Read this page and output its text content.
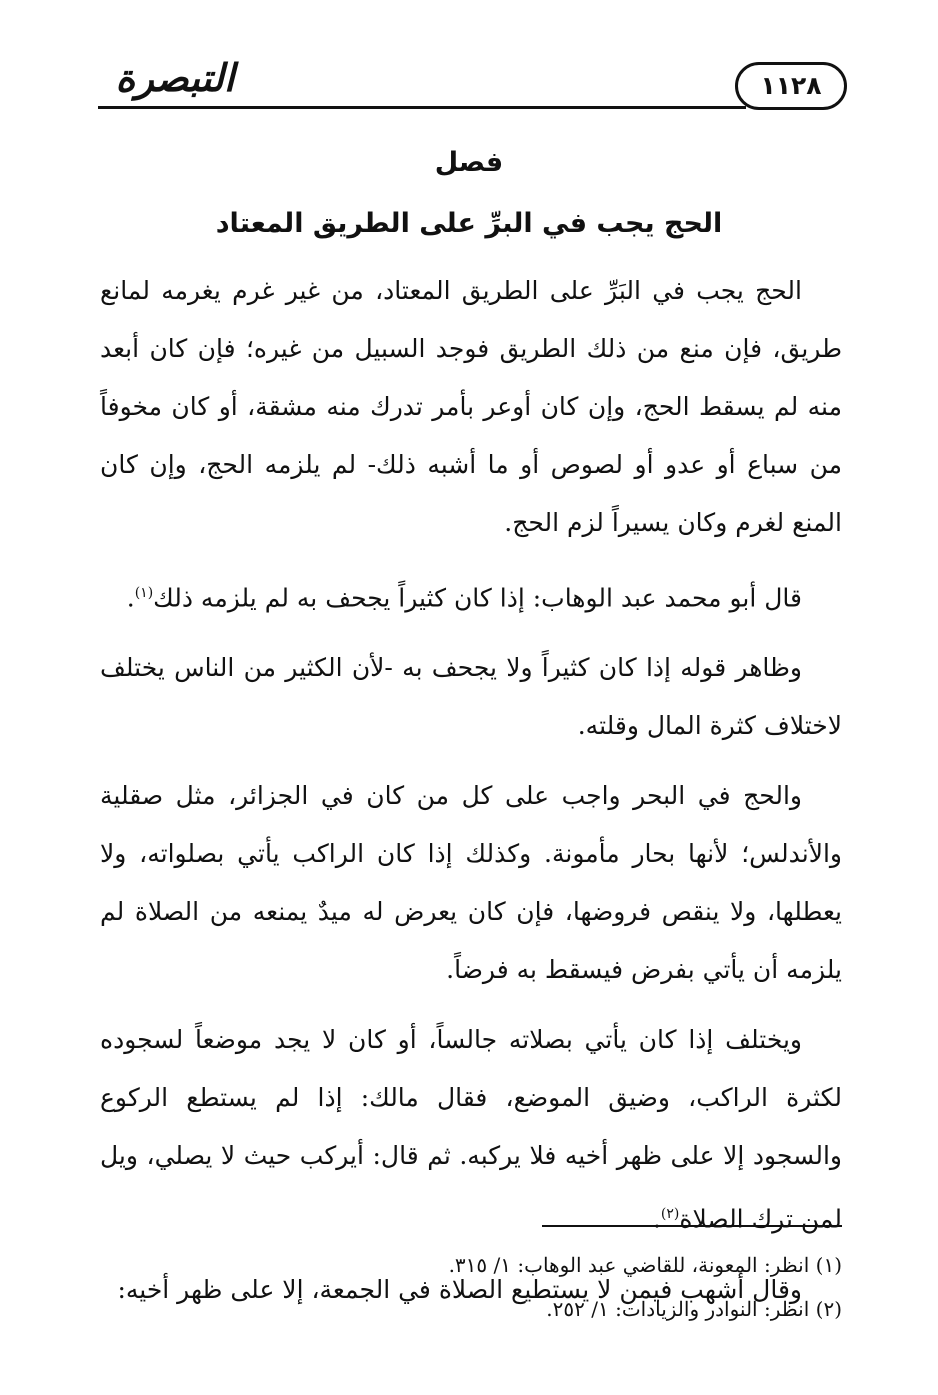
التبصرة	١١٢٨
فصل
الحج يجب في البرِّ على الطريق المعتاد

الحج يجب في البَرِّ على الطريق المعتاد، من غير غرم يغرمه لمانع طريق، فإن منع من ذلك الطريق فوجد السبيل من غيره؛ فإن كان أبعد منه لم يسقط الحج، وإن كان أوعر بأمر تدرك منه مشقة، أو كان مخوفاً من سباع أو عدو أو لصوص أو ما أشبه ذلك- لم يلزمه الحج، وإن كان المنع لغرم وكان يسيراً لزم الحج.

قال أبو محمد عبد الوهاب: إذا كان كثيراً يجحف به لم يلزمه ذلك$^{(١)}$.

وظاهر قوله إذا كان كثيراً ولا يجحف به -لأن الكثير من الناس يختلف لاختلاف كثرة المال وقلته.

والحج في البحر واجب على كل من كان في الجزائر، مثل صقلية والأندلس؛ لأنها بحار مأمونة. وكذلك إذا كان الراكب يأتي بصلواته، ولا يعطلها، ولا ينقص فروضها، فإن كان يعرض له ميدٌ يمنعه من الصلاة لم يلزمه أن يأتي بفرض فيسقط به فرضاً.

ويختلف إذا كان يأتي بصلاته جالساً، أو كان لا يجد موضعاً لسجوده لكثرة الراكب، وضيق الموضع، فقال مالك: إذا لم يستطع الركوع والسجود إلا على ظهر أخيه فلا يركبه. ثم قال: أيركب حيث لا يصلي، ويل لمن ترك الصلاة$^{(٢)}$.

وقال أشهب فيمن لا يستطيع الصلاة في الجمعة، إلا على ظهر أخيه:

(١) انظر: المعونة، للقاضي عبد الوهاب: ١/ ٣١٥.
(٢) انظر: النوادر والزيادات: ١/ ٢٥٢.
